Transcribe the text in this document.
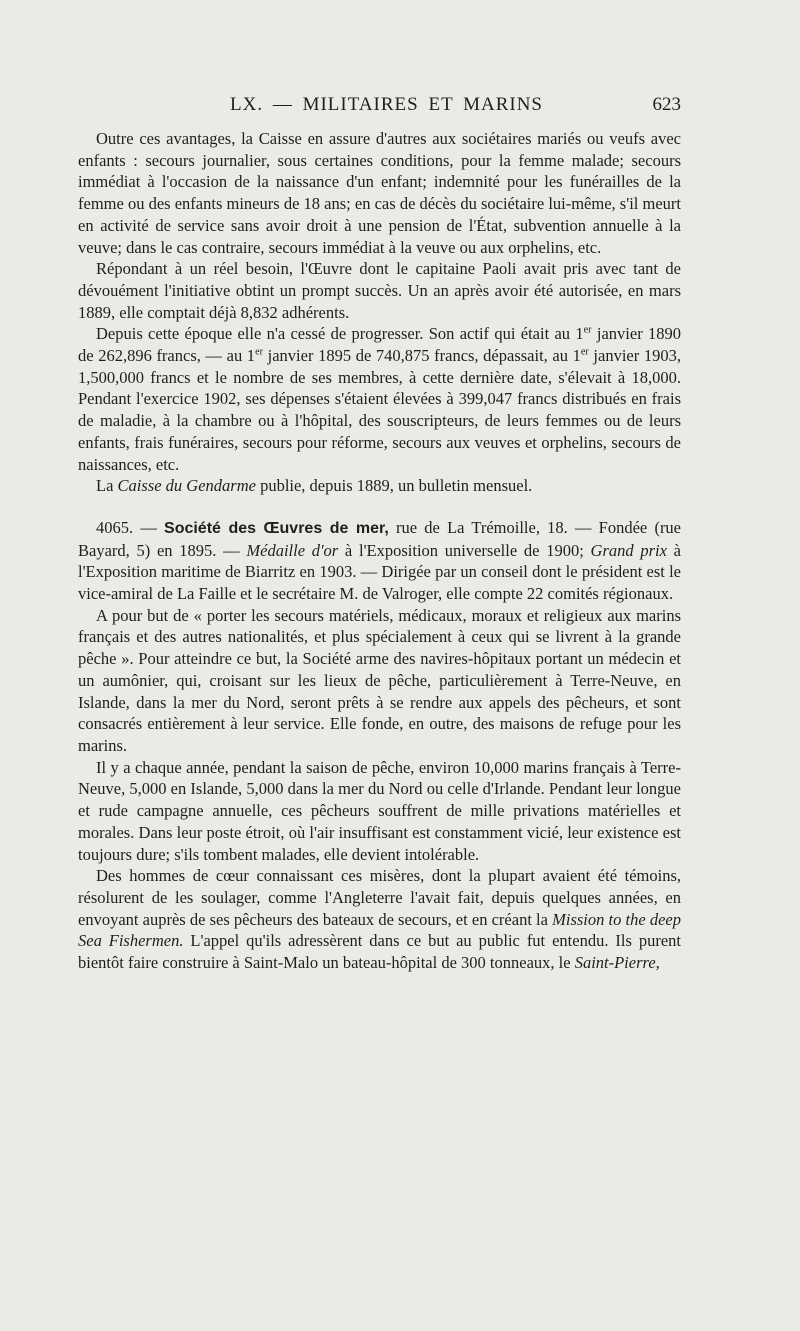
LX. — MILITAIRES ET MARINS	623

Outre ces avantages, la Caisse en assure d'autres aux sociétaires mariés ou veufs avec enfants : secours journalier, sous certaines conditions, pour la femme malade; secours immédiat à l'occasion de la naissance d'un enfant; indemnité pour les funérailles de la femme ou des enfants mineurs de 18 ans; en cas de décès du sociétaire lui-même, s'il meurt en activité de service sans avoir droit à une pension de l'État, subvention annuelle à la veuve; dans le cas contraire, secours immédiat à la veuve ou aux orphelins, etc.

Répondant à un réel besoin, l'Œuvre dont le capitaine Paoli avait pris avec tant de dévouément l'initiative obtint un prompt succès. Un an après avoir été autorisée, en mars 1889, elle comptait déjà 8,832 adhérents.

Depuis cette époque elle n'a cessé de progresser. Son actif qui était au 1er janvier 1890 de 262,896 francs, — au 1er janvier 1895 de 740,875 francs, dépassait, au 1er janvier 1903, 1,500,000 francs et le nombre de ses membres, à cette dernière date, s'élevait à 18,000. Pendant l'exercice 1902, ses dépenses s'étaient élevées à 399,047 francs distribués en frais de maladie, à la chambre ou à l'hôpital, des souscripteurs, de leurs femmes ou de leurs enfants, frais funéraires, secours pour réforme, secours aux veuves et orphelins, secours de naissances, etc.

La Caisse du Gendarme publie, depuis 1889, un bulletin mensuel.

4065. — Société des Œuvres de mer, rue de La Trémoille, 18. — Fondée (rue Bayard, 5) en 1895. — Médaille d'or à l'Exposition universelle de 1900; Grand prix à l'Exposition maritime de Biarritz en 1903. — Dirigée par un conseil dont le président est le vice-amiral de La Faille et le secrétaire M. de Valroger, elle compte 22 comités régionaux.

A pour but de « porter les secours matériels, médicaux, moraux et religieux aux marins français et des autres nationalités, et plus spécialement à ceux qui se livrent à la grande pêche ». Pour atteindre ce but, la Société arme des navires-hôpitaux portant un médecin et un aumônier, qui, croisant sur les lieux de pêche, particulièrement à Terre-Neuve, en Islande, dans la mer du Nord, seront prêts à se rendre aux appels des pêcheurs, et sont consacrés entièrement à leur service. Elle fonde, en outre, des maisons de refuge pour les marins.

Il y a chaque année, pendant la saison de pêche, environ 10,000 marins français à Terre-Neuve, 5,000 en Islande, 5,000 dans la mer du Nord ou celle d'Irlande. Pendant leur longue et rude campagne annuelle, ces pêcheurs souffrent de mille privations matérielles et morales. Dans leur poste étroit, où l'air insuffisant est constamment vicié, leur existence est toujours dure; s'ils tombent malades, elle devient intolérable.

Des hommes de cœur connaissant ces misères, dont la plupart avaient été témoins, résolurent de les soulager, comme l'Angleterre l'avait fait, depuis quelques années, en envoyant auprès de ses pêcheurs des bateaux de secours, et en créant la Mission to the deep Sea Fishermen. L'appel qu'ils adressèrent dans ce but au public fut entendu. Ils purent bientôt faire construire à Saint-Malo un bateau-hôpital de 300 tonneaux, le Saint-Pierre,
